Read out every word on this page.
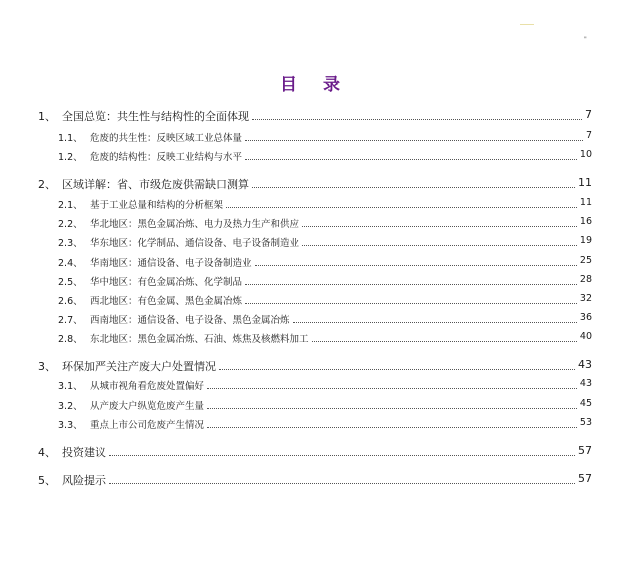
"
目 录
1、 全国总览：共生性与结构性的全面体现	7
1.1、 危废的共生性：反映区域工业总体量	7
1.2、 危废的结构性：反映工业结构与水平	10
2、 区域详解：省、市级危废供需缺口测算	11
2.1、 基于工业总量和结构的分析框架	11
2.2、 华北地区：黑色金属冶炼、电力及热力生产和供应	16
2.3、 华东地区：化学制品、通信设备、电子设备制造业	19
2.4、 华南地区：通信设备、电子设备制造业	25
2.5、 华中地区：有色金属冶炼、化学制品	28
2.6、 西北地区：有色金属、黑色金属冶炼	32
2.7、 西南地区：通信设备、电子设备、黑色金属冶炼	36
2.8、 东北地区：黑色金属冶炼、石油、炼焦及核燃料加工	40
3、 环保加严关注产废大户处置情况	43
3.1、 从城市视角看危废处置偏好	43
3.2、 从产废大户纵览危废产生量	45
3.3、 重点上市公司危废产生情况	53
4、 投资建议	57
5、 风险提示	57
